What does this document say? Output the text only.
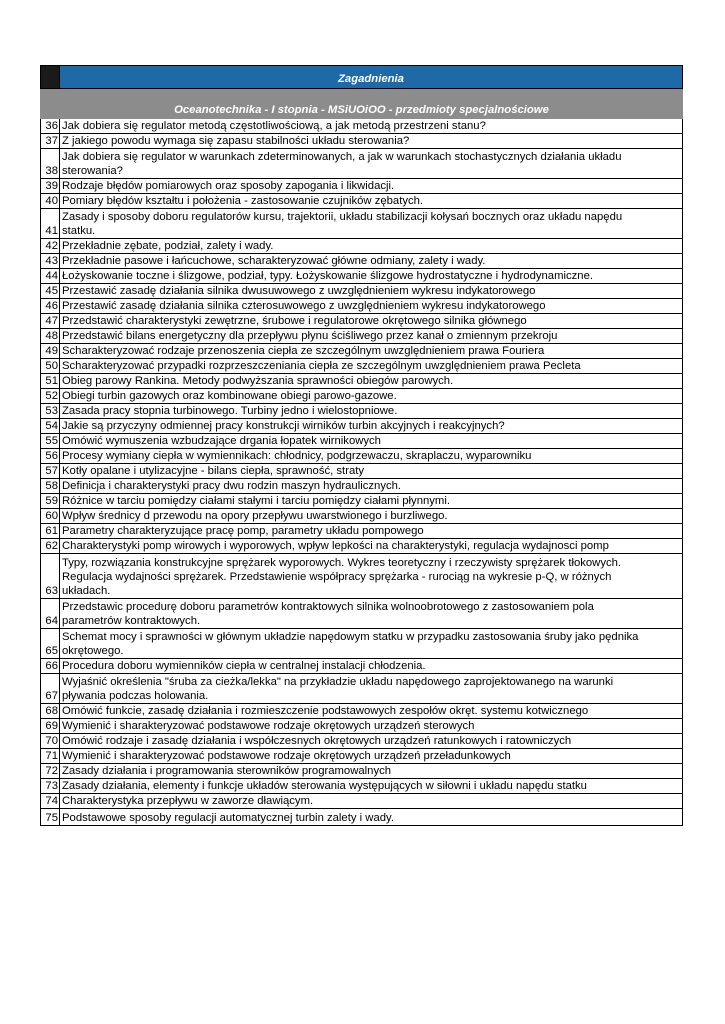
	Zagadnienia
Oceanotechnika - I stopnia - MSiUOiOO - przedmioty specjalnościowe	
36	Jak dobiera się regulator metodą częstotliwościową, a jak metodą przestrzeni stanu?
37	Z jakiego powodu wymaga się zapasu stabilności układu sterowania?
38	Jak dobiera się regulator w warunkach zdeterminowanych, a jak w warunkach stochastycznych działania układu
sterowania?
39	Rodzaje błędów pomiarowych oraz sposoby zapogania i likwidacji.
40	Pomiary błędów kształtu i położenia - zastosowanie czujników zębatych.
41	Zasady i sposoby doboru regulatorów kursu, trajektorii, układu stabilizacji kołysań bocznych oraz układu napędu
statku.
42	Przekładnie zębate, podział, zalety i wady.
43	Przekładnie pasowe i łańcuchowe, scharakteryzować główne odmiany, zalety i wady.
44	Łożyskowanie toczne i ślizgowe, podział, typy. Łożyskowanie ślizgowe hydrostatyczne i hydrodynamiczne.
45	Przestawić zasadę działania silnika dwusuwowego z uwzględnieniem wykresu indykatorowego
46	Przestawić zasadę działania silnika czterosuwowego z uwzględnieniem wykresu indykatorowego
47	Przedstawić charakterystyki zewętrzne, śrubowe i regulatorowe okrętowego silnika głównego
48	Przedstawić bilans energetyczny dla przepływu płynu ściśliwego przez kanał o zmiennym przekroju
49	Scharakteryzować rodzaje przenoszenia ciepła ze szczególnym uwzględnieniem prawa Fouriera
50	Scharakteryzować przypadki rozprzeszczeniania ciepła ze szczególnym uwzględnieniem prawa Pecleta
51	Obieg parowy Rankina. Metody podwyższania sprawności obiegów parowych.
52	Obiegi turbin gazowych oraz kombinowane obiegi parowo-gazowe.
53	Zasada pracy stopnia turbinowego. Turbiny jedno i wielostopniowe.
54	Jakie są przyczyny odmiennej pracy konstrukcji wirników turbin akcyjnych i reakcyjnych?
55	Omówić wymuszenia wzbudzające drgania łopatek wirnikowych
56	Procesy wymiany ciepła w wymiennikach: chłodnicy, podgrzewaczu, skraplaczu, wyparowniku
57	Kotły opalane i utylizacyjne - bilans ciepła, sprawność, straty
58	Definicja i charakterystyki pracy dwu rodzin maszyn hydraulicznych.
59	Różnice w tarciu pomiędzy ciałami stałymi i tarciu pomiędzy ciałami płynnymi.
60	Wpływ średnicy d przewodu na opory przepływu uwarstwionego i burzliwego.
61	Parametry charakteryzujące pracę pomp, parametry układu pompowego
62	Charakterystyki pomp wirowych i wyporowych, wpływ lepkości na charakterystyki, regulacja wydajnosci pomp
63	Typy, rozwiązania konstrukcyjne sprężarek wyporowych. Wykres teoretyczny i rzeczywisty sprężarek tłokowych.
Regulacja wydajności sprężarek. Przedstawienie współpracy sprężarka - rurociąg na wykresie p-Q, w różnych
układach.
64	Przedstawic procedurę doboru parametrów kontraktowych silnika wolnoobrotowego z zastosowaniem pola
parametrów kontraktowych.
65	Schemat mocy i sprawności w głównym układzie napędowym statku w przypadku zastosowania śruby jako pędnika
okrętowego.
66	Procedura doboru wymienników ciepła w centralnej instalacji chłodzenia.
67	Wyjaśnić określenia "śruba za cieżka/lekka" na przykładzie układu napędowego zaprojektowanego na warunki
pływania podczas holowania.
68	Omówić funkcie, zasadę działania i rozmieszczenie podstawowych zespołów okręt. systemu kotwicznego
69	Wymienić i sharakteryzować podstawowe rodzaje okrętowych urządzeń sterowych
70	Omówić rodzaje i zasadę działania i współczesnych okrętowych urządzeń ratunkowych i ratowniczych
71	Wymienić i sharakteryzować podstawowe rodzaje okrętowych urządzeń przeładunkowych
72	Zasady działania i programowania sterowników programowalnych
73	Zasady działania, elementy i funkcje układów sterowania występujących w siłowni i układu napędu statku
74	Charakterystyka przepływu w zaworze dławiącym.
75	Podstawowe sposoby regulacji automatycznej turbin zalety i wady.
